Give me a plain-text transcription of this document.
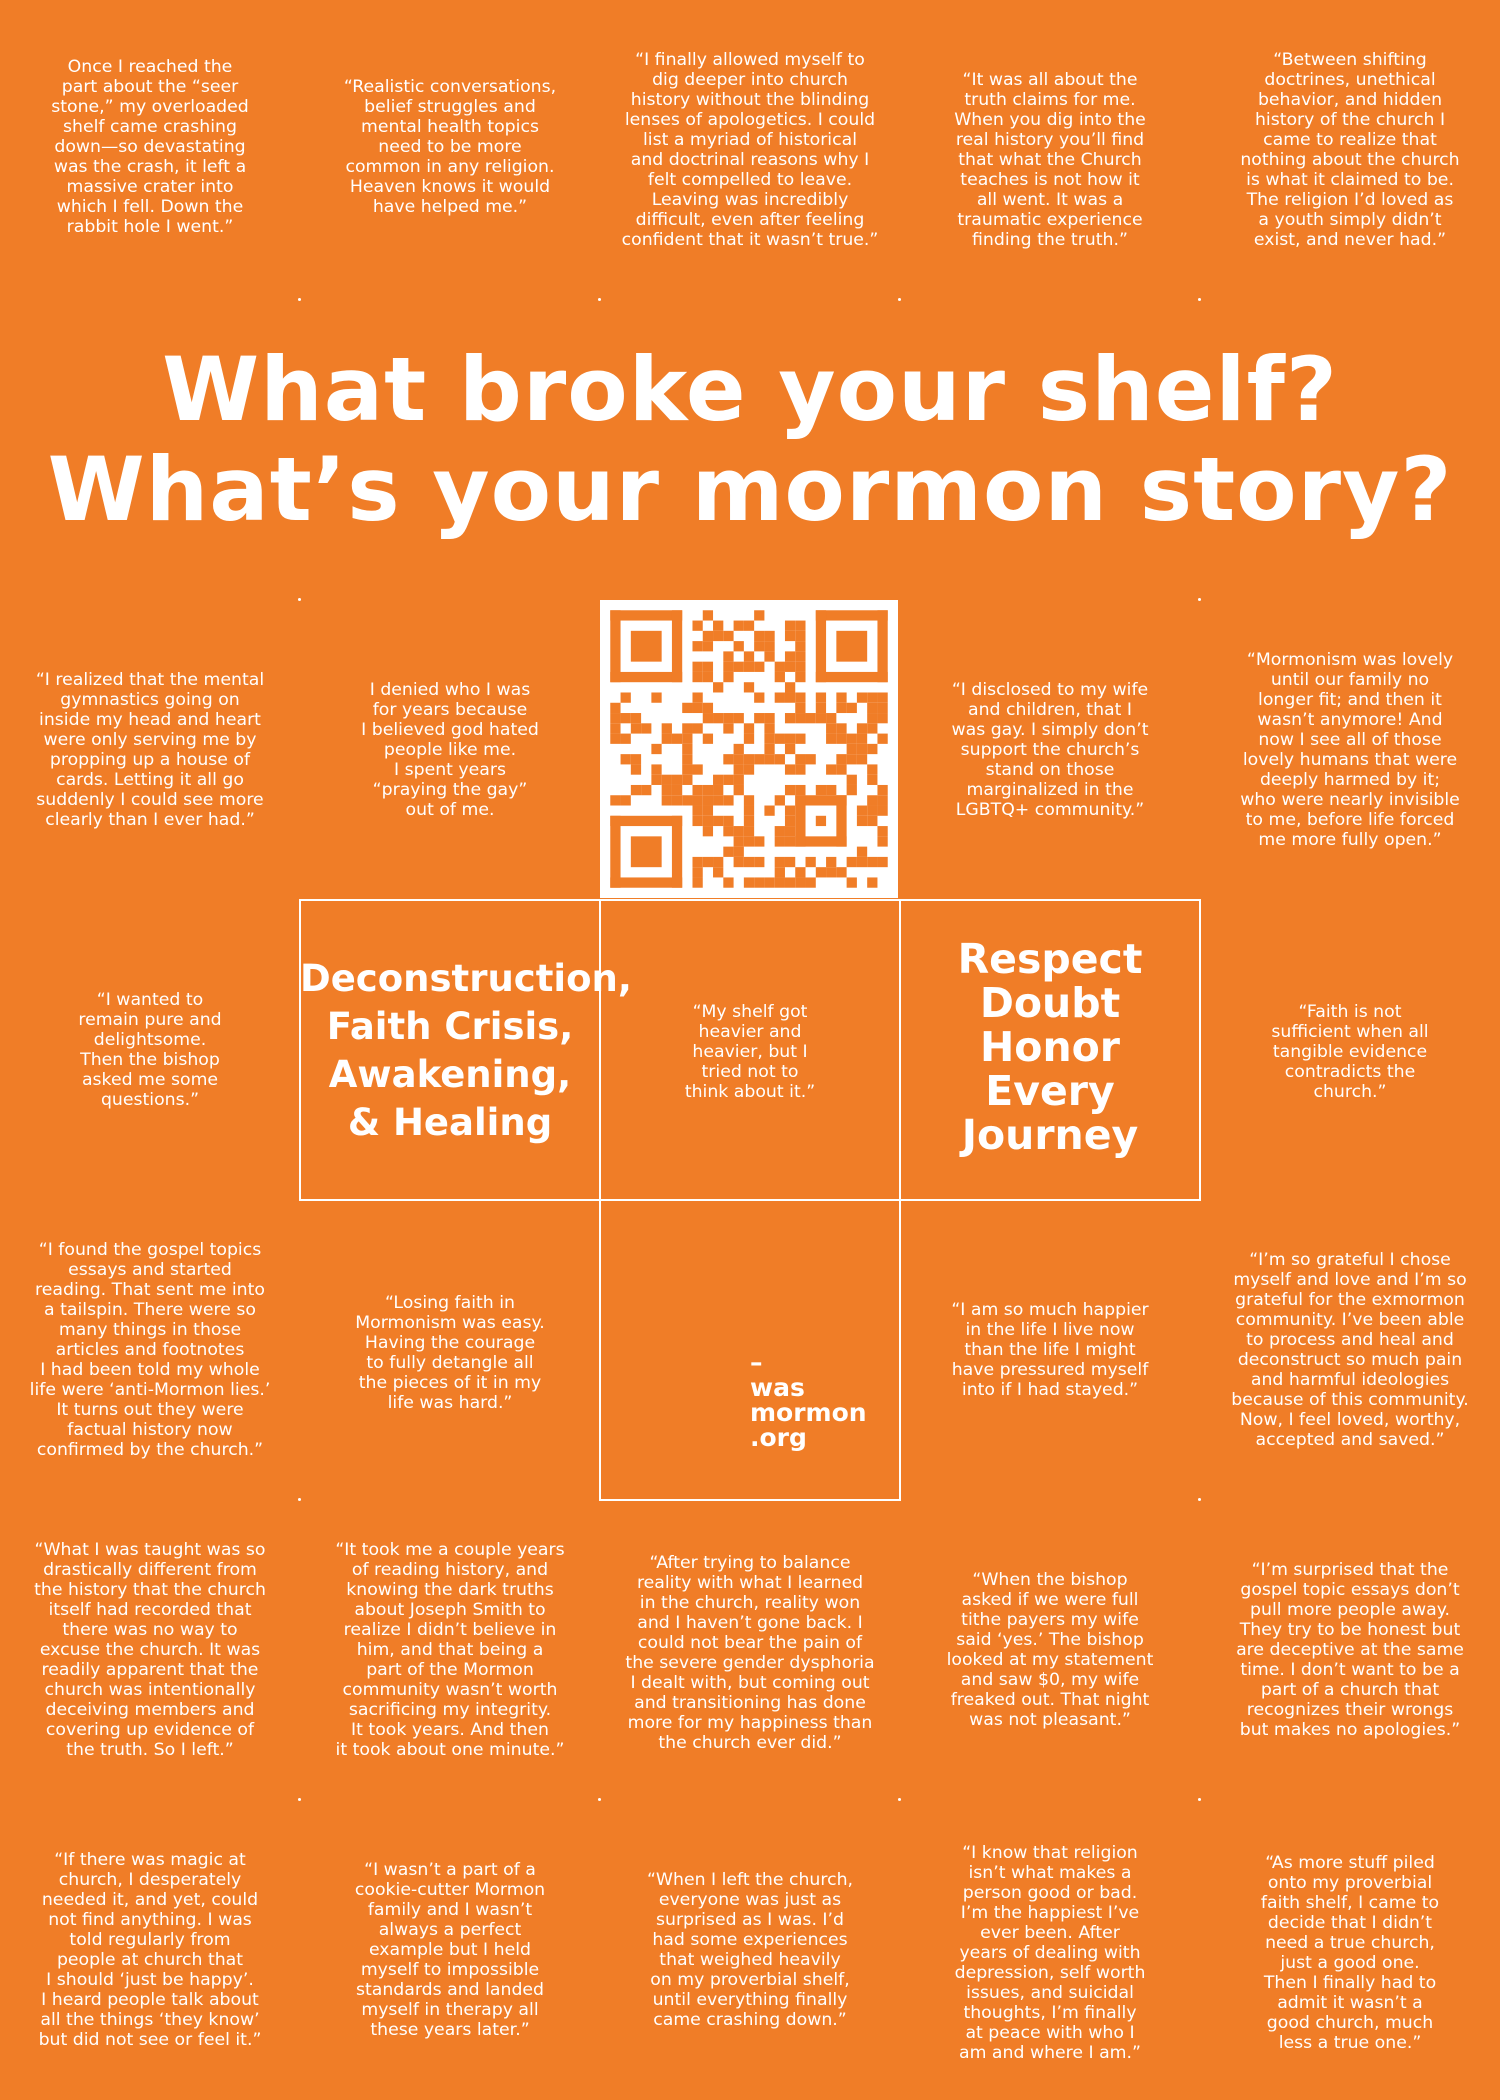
What broke your shelf?
What’s your mormon story?

Once I reached the
part about the “seer
stone,” my overloaded
shelf came crashing
down—so devastating
was the crash, it left a
massive crater into
which I fell. Down the
rabbit hole I went.”

“Realistic conversations,
belief struggles and
mental health topics
need to be more
common in any religion.
Heaven knows it would
have helped me.”

“I finally allowed myself to
dig deeper into church
history without the blinding
lenses of apologetics. I could
list a myriad of historical
and doctrinal reasons why I
felt compelled to leave.
Leaving was incredibly
difficult, even after feeling
confident that it wasn’t true.”

“It was all about the
truth claims for me.
When you dig into the
real history you’ll find
that what the Church
teaches is not how it
all went. It was a
traumatic experience
finding the truth.”

“Between shifting
doctrines, unethical
behavior, and hidden
history of the church I
came to realize that
nothing about the church
is what it claimed to be.
The religion I’d loved as
a youth simply didn’t
exist, and never had.”

“I realized that the mental
gymnastics going on
inside my head and heart
were only serving me by
propping up a house of
cards. Letting it all go
suddenly I could see more
clearly than I ever had.”

I denied who I was
for years because
I believed god hated
people like me.
I spent years
“praying the gay”
out of me.

“I disclosed to my wife
and children, that I
was gay. I simply don’t
support the church’s
stand on those
marginalized in the
LGBTQ+ community.”

“Mormonism was lovely
until our family no
longer fit; and then it
wasn’t anymore! And
now I see all of those
lovely humans that were
deeply harmed by it;
who were nearly invisible
to me, before life forced
me more fully open.”

“I wanted to
remain pure and
delightsome.
Then the bishop
asked me some
questions.”

“My shelf got
heavier and
heavier, but I
tried not to
think about it.”

“Faith is not
sufficient when all
tangible evidence
contradicts the
church.”

“I found the gospel topics
essays and started
reading. That sent me into
a tailspin. There were so
many things in those
articles and footnotes
I had been told my whole
life were ‘anti-Mormon lies.’
It turns out they were
factual history now
confirmed by the church.”

“Losing faith in
Mormonism was easy.
Having the courage
to fully detangle all
the pieces of it in my
life was hard.”

“I am so much happier
in the life I live now
than the life I might
have pressured myself
into if I had stayed.”

“I’m so grateful I chose
myself and love and I’m so
grateful for the exmormon
community. I’ve been able
to process and heal and
deconstruct so much pain
and harmful ideologies
because of this community.
Now, I feel loved, worthy,
accepted and saved.”

“What I was taught was so
drastically different from
the history that the church
itself had recorded that
there was no way to
excuse the church. It was
readily apparent that the
church was intentionally
deceiving members and
covering up evidence of
the truth. So I left.”

“It took me a couple years
of reading history, and
knowing the dark truths
about Joseph Smith to
realize I didn’t believe in
him, and that being a
part of the Mormon
community wasn’t worth
sacrificing my integrity.
It took years. And then
it took about one minute.”

“After trying to balance
reality with what I learned
in the church, reality won
and I haven’t gone back. I
could not bear the pain of
the severe gender dysphoria
I dealt with, but coming out
and transitioning has done
more for my happiness than
the church ever did.”

“When the bishop
asked if we were full
tithe payers my wife
said ‘yes.’ The bishop
looked at my statement
and saw $0, my wife
freaked out. That night
was not pleasant.”

“I’m surprised that the
gospel topic essays don’t
pull more people away.
They try to be honest but
are deceptive at the same
time. I don’t want to be a
part of a church that
recognizes their wrongs
but makes no apologies.”

“If there was magic at
church, I desperately
needed it, and yet, could
not find anything. I was
told regularly from
people at church that
I should ‘just be happy’.
I heard people talk about
all the things ‘they know’
but did not see or feel it.”

“I wasn’t a part of a
cookie-cutter Mormon
family and I wasn’t
always a perfect
example but I held
myself to impossible
standards and landed
myself in therapy all
these years later.”

“When I left the church,
everyone was just as
surprised as I was. I’d
had some experiences
that weighed heavily
on my proverbial shelf,
until everything finally
came crashing down.”

“I know that religion
isn’t what makes a
person good or bad.
I’m the happiest I’ve
ever been. After
years of dealing with
depression, self worth
issues, and suicidal
thoughts, I’m finally
at peace with who I
am and where I am.”

“As more stuff piled
onto my proverbial
faith shelf, I came to
decide that I didn’t
need a true church,
just a good one.
Then I finally had to
admit it wasn’t a
good church, much
less a true one.”

Deconstruction,
Faith Crisis,
Awakening,
& Healing

Respect
Doubt
Honor
Every
Journey

–
was
mormon
.org
